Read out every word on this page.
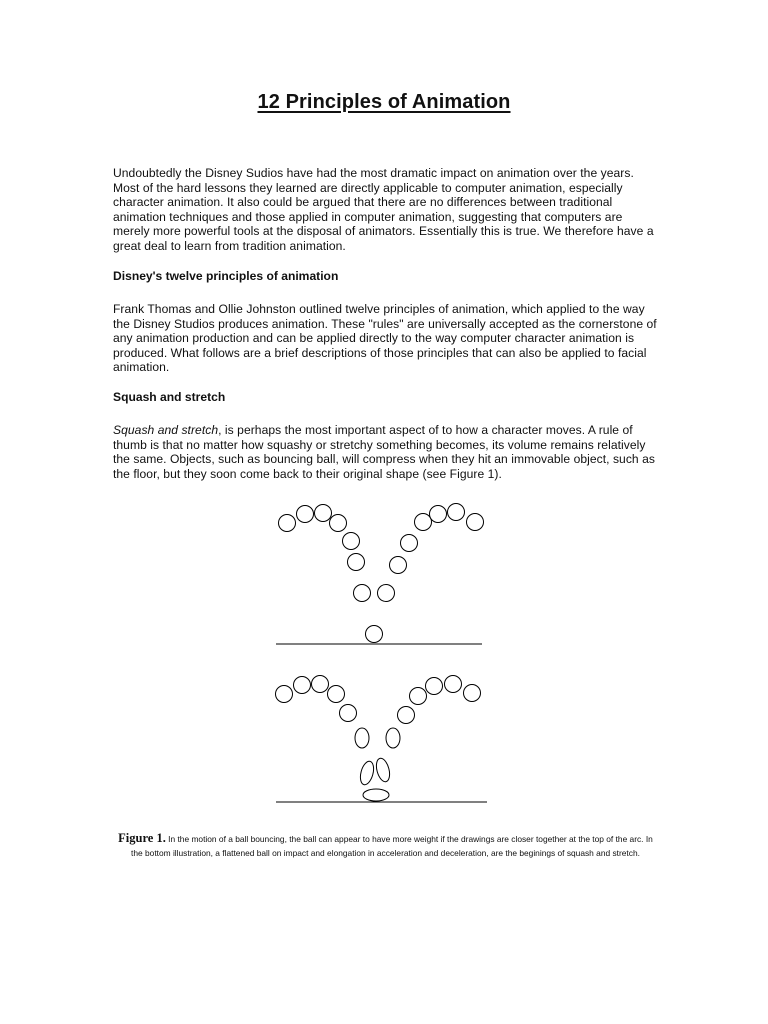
12 Principles of Animation

Undoubtedly the Disney Sudios have had the most dramatic impact on animation over the years. Most of the hard lessons they learned are directly applicable to computer animation, especially character animation. It also could be argued that there are no differences between traditional animation techniques and those applied in computer animation, suggesting that computers are merely more powerful tools at the disposal of animators. Essentially this is true. We therefore have a great deal to learn from tradition animation.

Disney's twelve principles of animation

Frank Thomas and Ollie Johnston outlined twelve principles of animation, which applied to the way the Disney Studios produces animation. These "rules" are universally accepted as the cornerstone of any animation production and can be applied directly to the way computer character animation is produced. What follows are a brief descriptions of those principles that can also be applied to facial animation.

Squash and stretch

Squash and stretch, is perhaps the most important aspect of to how a character moves. A rule of thumb is that no matter how squashy or stretchy something becomes, its volume remains relatively the same. Objects, such as bouncing ball, will compress when they hit an immovable object, such as the floor, but they soon come back to their original shape (see Figure 1).

Figure 1. In the motion of a ball bouncing, the ball can appear to have more weight if the drawings are closer together at the top of the arc. In the bottom illustration, a flattened ball on impact and elongation in acceleration and deceleration, are the beginings of squash and stretch.
